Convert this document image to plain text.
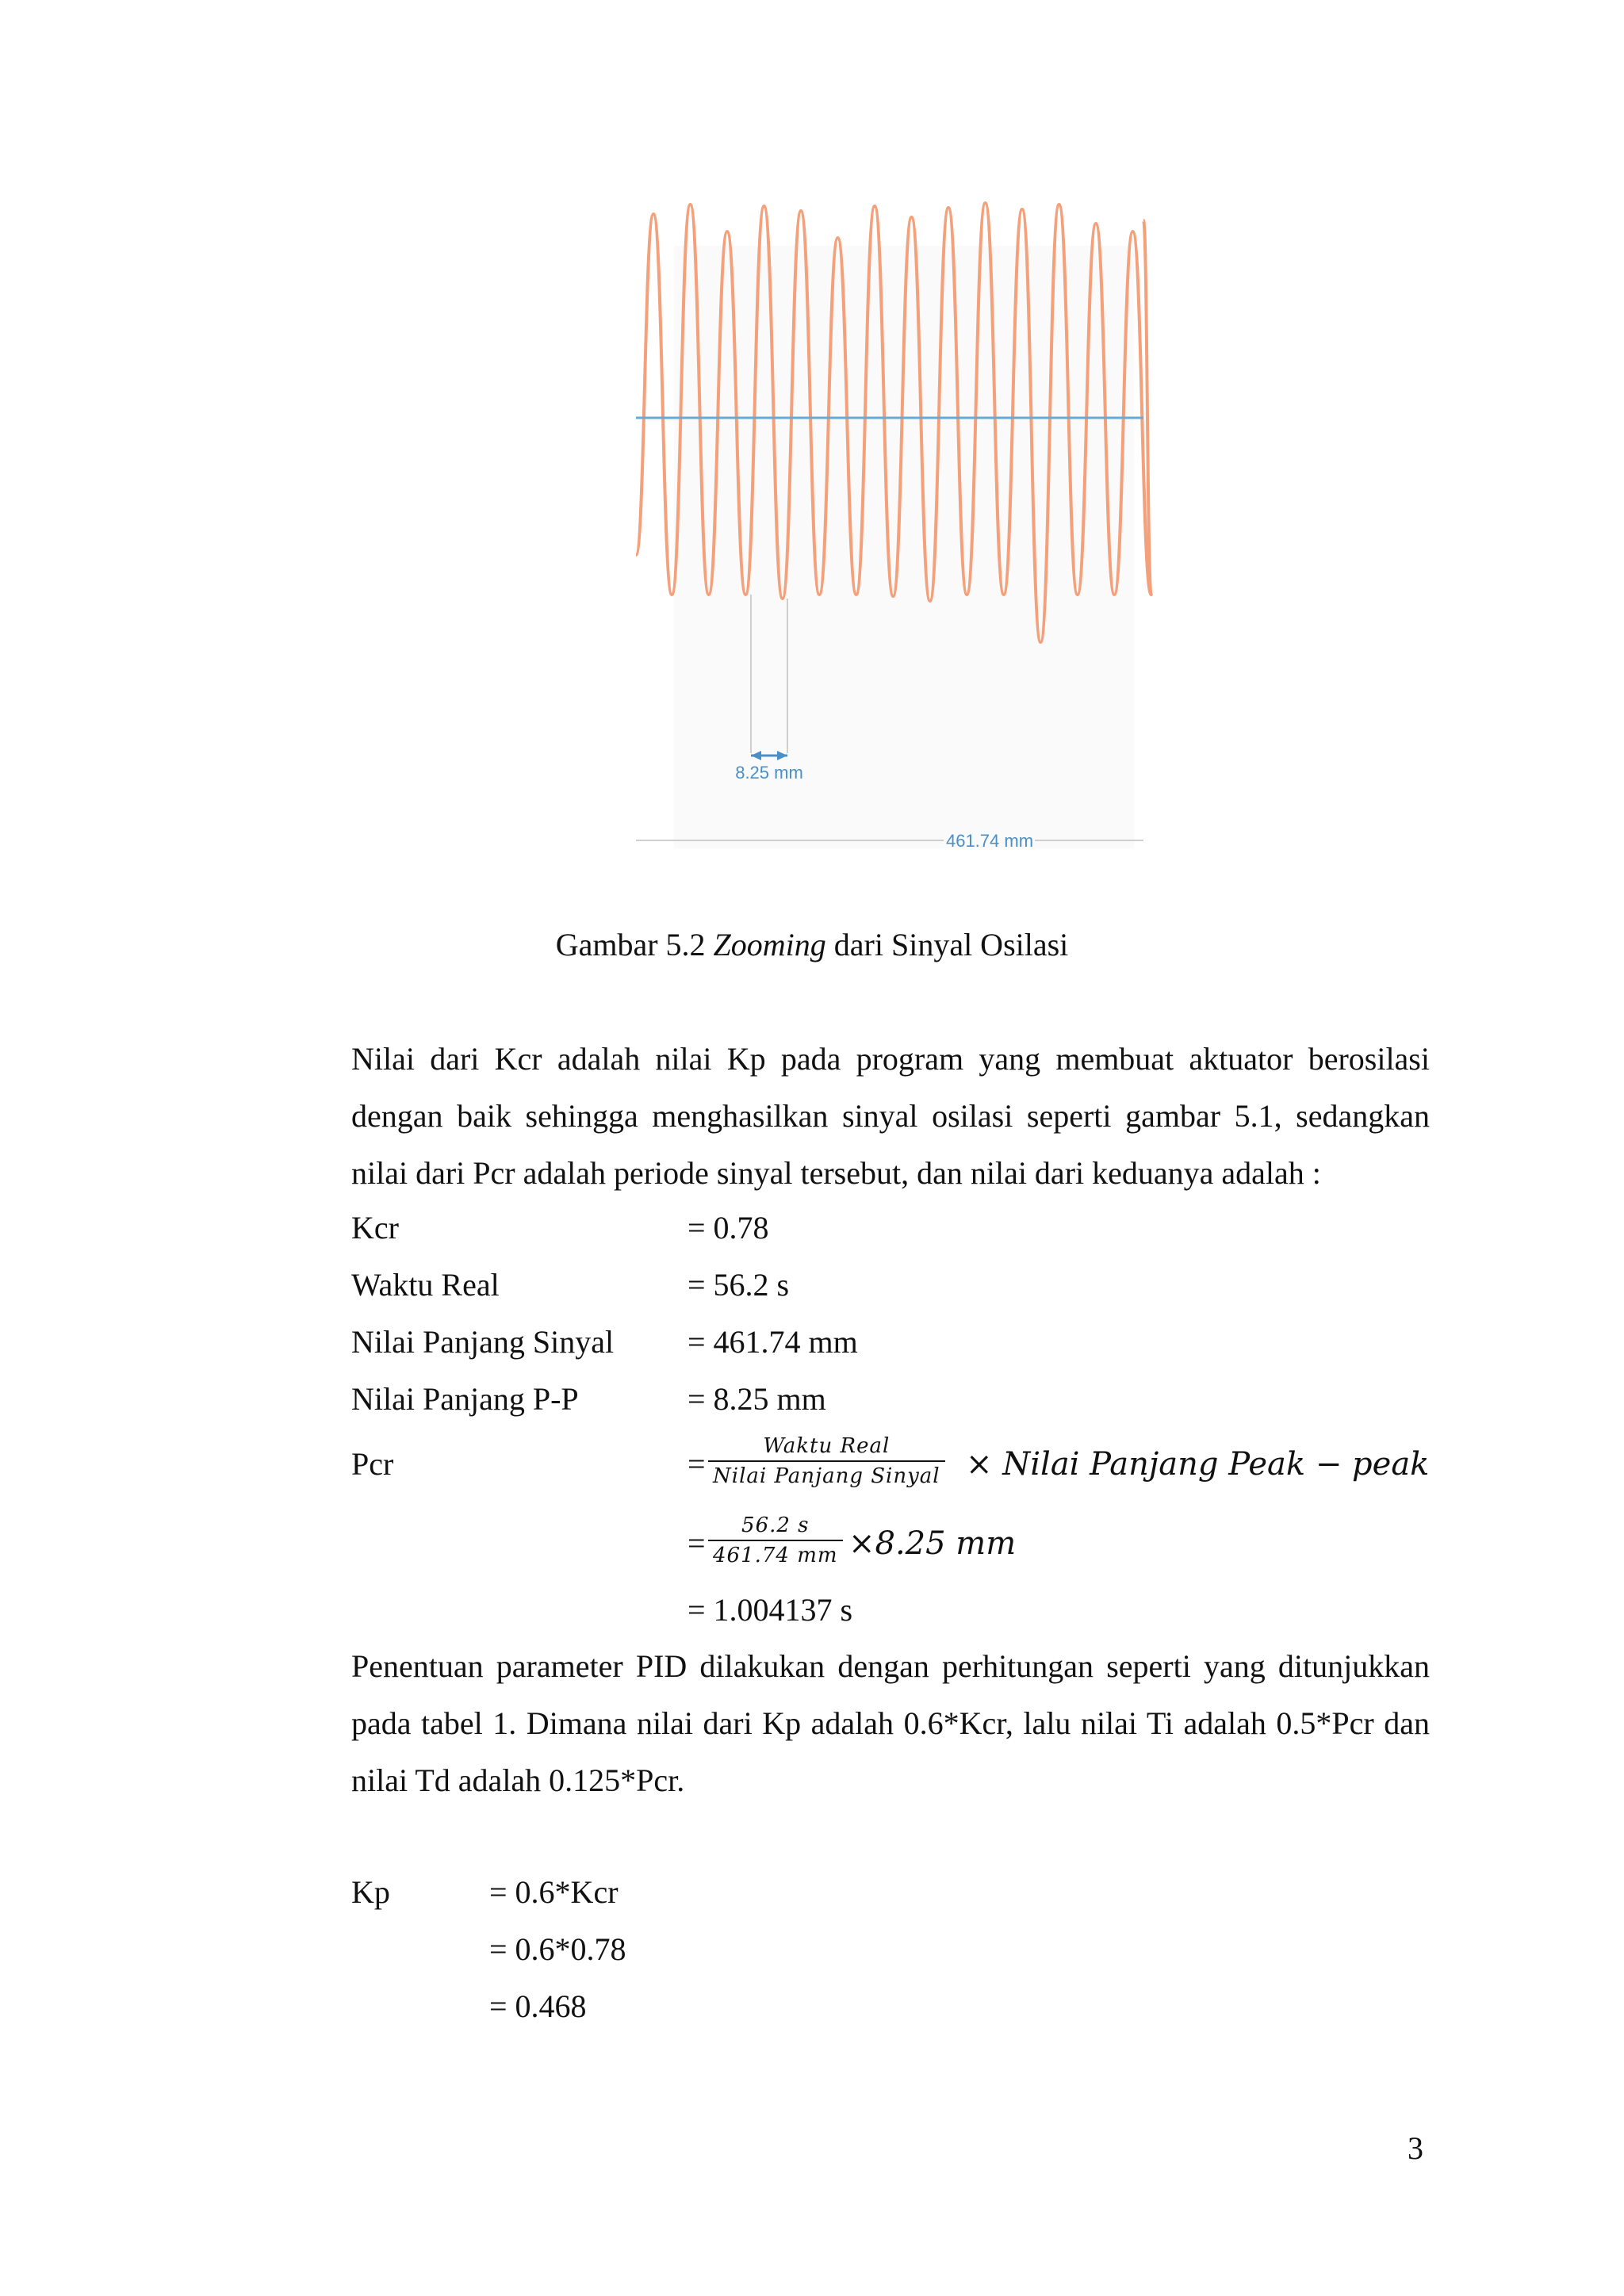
8.25 mm
461.74 mm
Gambar 5.2 Zooming dari Sinyal Osilasi

Nilai dari Kcr adalah nilai Kp pada program yang membuat aktuator berosilasi dengan baik sehingga menghasilkan sinyal osilasi seperti gambar 5.1, sedangkan nilai dari Pcr adalah periode sinyal tersebut, dan nilai dari keduanya adalah :

Kcr	= 0.78
Waktu Real	= 56.2 s
Nilai Panjang Sinyal = 461.74 mm
Nilai Panjang P-P	= 8.25 mm
Pcr	=	Waktu Real
Nilai Panjang Sinyal × Nilai Panjang Peak − peak
= 56.2 s
461.74 mm ×8.25 mm
= 1.004137 s

Penentuan parameter PID dilakukan dengan perhitungan seperti yang ditunjukkan pada tabel 1. Dimana nilai dari Kp adalah 0.6*Kcr, lalu nilai Ti adalah 0.5*Pcr dan nilai Td adalah 0.125*Pcr.

Kp	= 0.6*Kcr
= 0.6*0.78
= 0.468
3
